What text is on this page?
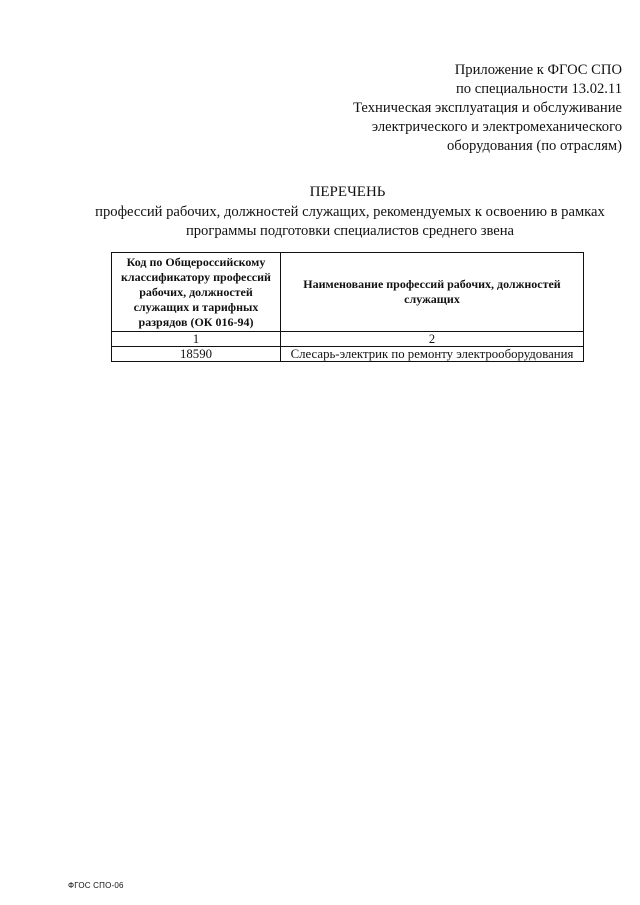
Приложение к ФГОС СПО
по специальности 13.02.11
Техническая эксплуатация и обслуживание
электрического и электромеханического
оборудования (по отраслям)
ПЕРЕЧЕНЬ
профессий рабочих, должностей служащих, рекомендуемых к освоению в рамках
программы подготовки специалистов среднего звена
Код по Общероссийскому классификатору профессий рабочих, должностей служащих и тарифных разрядов (ОК 016-94)	Наименование профессий рабочих, должностей служащих
1	2
18590	Слесарь-электрик по ремонту электрооборудования
ФГОС СПО-06
